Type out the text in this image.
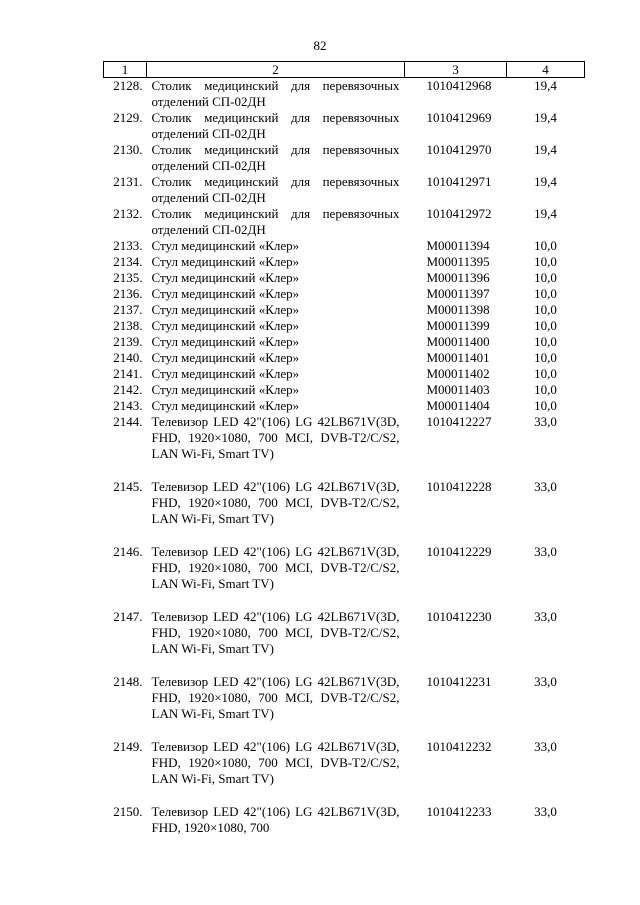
82
1	2	3	4
2128.	Столик медицинский для перевязочных отделений СП-02ДН	1010412968	19,4
2129.	Столик медицинский для перевязочных отделений СП-02ДН	1010412969	19,4
2130.	Столик медицинский для перевязочных отделений СП-02ДН	1010412970	19,4
2131.	Столик медицинский для перевязочных отделений СП-02ДН	1010412971	19,4
2132.	Столик медицинский для перевязочных отделений СП-02ДН	1010412972	19,4
2133.	Стул медицинский «Клер»	M00011394	10,0
2134.	Стул медицинский «Клер»	M00011395	10,0
2135.	Стул медицинский «Клер»	M00011396	10,0
2136.	Стул медицинский «Клер»	M00011397	10,0
2137.	Стул медицинский «Клер»	M00011398	10,0
2138.	Стул медицинский «Клер»	M00011399	10,0
2139.	Стул медицинский «Клер»	M00011400	10,0
2140.	Стул медицинский «Клер»	M00011401	10,0
2141.	Стул медицинский «Клер»	M00011402	10,0
2142.	Стул медицинский «Клер»	M00011403	10,0
2143.	Стул медицинский «Клер»	M00011404	10,0
2144.	Телевизор LED 42"(106) LG 42LB671V(3D, FHD, 1920×1080, 700 MCI, DVB-T2/C/S2, LAN Wi-Fi, Smart TV)	1010412227	33,0
2145.	Телевизор LED 42"(106) LG 42LB671V(3D, FHD, 1920×1080, 700 MCI, DVB-T2/C/S2, LAN Wi-Fi, Smart TV)	1010412228	33,0
2146.	Телевизор LED 42"(106) LG 42LB671V(3D, FHD, 1920×1080, 700 MCI, DVB-T2/C/S2, LAN Wi-Fi, Smart TV)	1010412229	33,0
2147.	Телевизор LED 42"(106) LG 42LB671V(3D, FHD, 1920×1080, 700 MCI, DVB-T2/C/S2, LAN Wi-Fi, Smart TV)	1010412230	33,0
2148.	Телевизор LED 42"(106) LG 42LB671V(3D, FHD, 1920×1080, 700 MCI, DVB-T2/C/S2, LAN Wi-Fi, Smart TV)	1010412231	33,0
2149.	Телевизор LED 42"(106) LG 42LB671V(3D, FHD, 1920×1080, 700 MCI, DVB-T2/C/S2, LAN Wi-Fi, Smart TV)	1010412232	33,0
2150.	Телевизор LED 42"(106) LG 42LB671V(3D, FHD, 1920×1080, 700	1010412233	33,0
